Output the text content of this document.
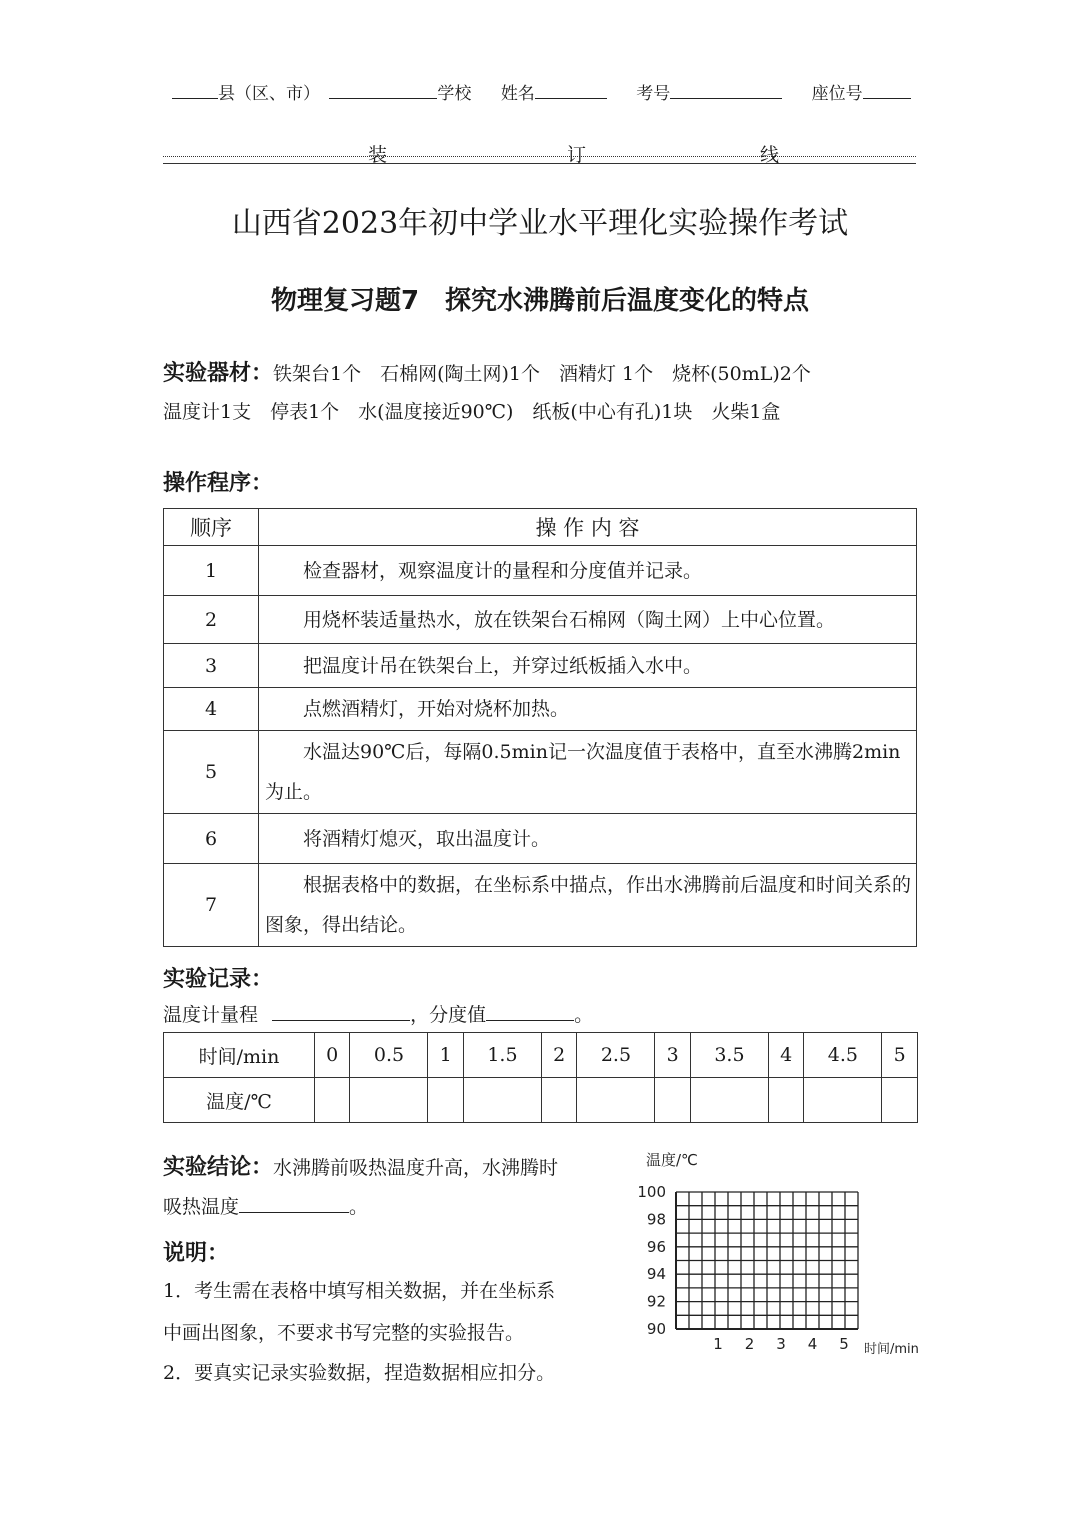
县（区、市）	学校 姓名	考号	座位号
装	订	线
山西省2023年初中学业水平理化实验操作考试
物理复习题7　探究水沸腾前后温度变化的特点
实验器材：铁架台1个　石棉网(陶土网)1个　酒精灯 1个　烧杯(50mL)2个
温度计1支　停表1个　水(温度接近90℃)　纸板(中心有孔)1块　火柴1盒
操作程序：
顺序	操 作 内 容
1	　　检查器材，观察温度计的量程和分度值并记录。
2	　　用烧杯装适量热水，放在铁架台石棉网（陶土网）上中心位置。
3	　　把温度计吊在铁架台上，并穿过纸板插入水中。
4	　　点燃酒精灯，开始对烧杯加热。
5	　　水温达90℃后，每隔0.5min记一次温度值于表格中，直至水沸腾2min为止。
6	　　将酒精灯熄灭，取出温度计。
7	　　根据表格中的数据，在坐标系中描点，作出水沸腾前后温度和时间关系的图象，得出结论。
实验记录：
温度计量程	，分度值	。
时间/min	0	0.5	1	1.5	2	2.5	3	3.5	4	4.5	5
温度/℃											
实验结论：水沸腾前吸热温度升高，水沸腾时
吸热温度	。
说明：
1．考生需在表格中填写相关数据，并在坐标系
中画出图象，不要求书写完整的实验报告。
2．要真实记录实验数据，捏造数据相应扣分。
温度/℃
100
98
96
94
92
90
1 2 3 4 5 时间/min
